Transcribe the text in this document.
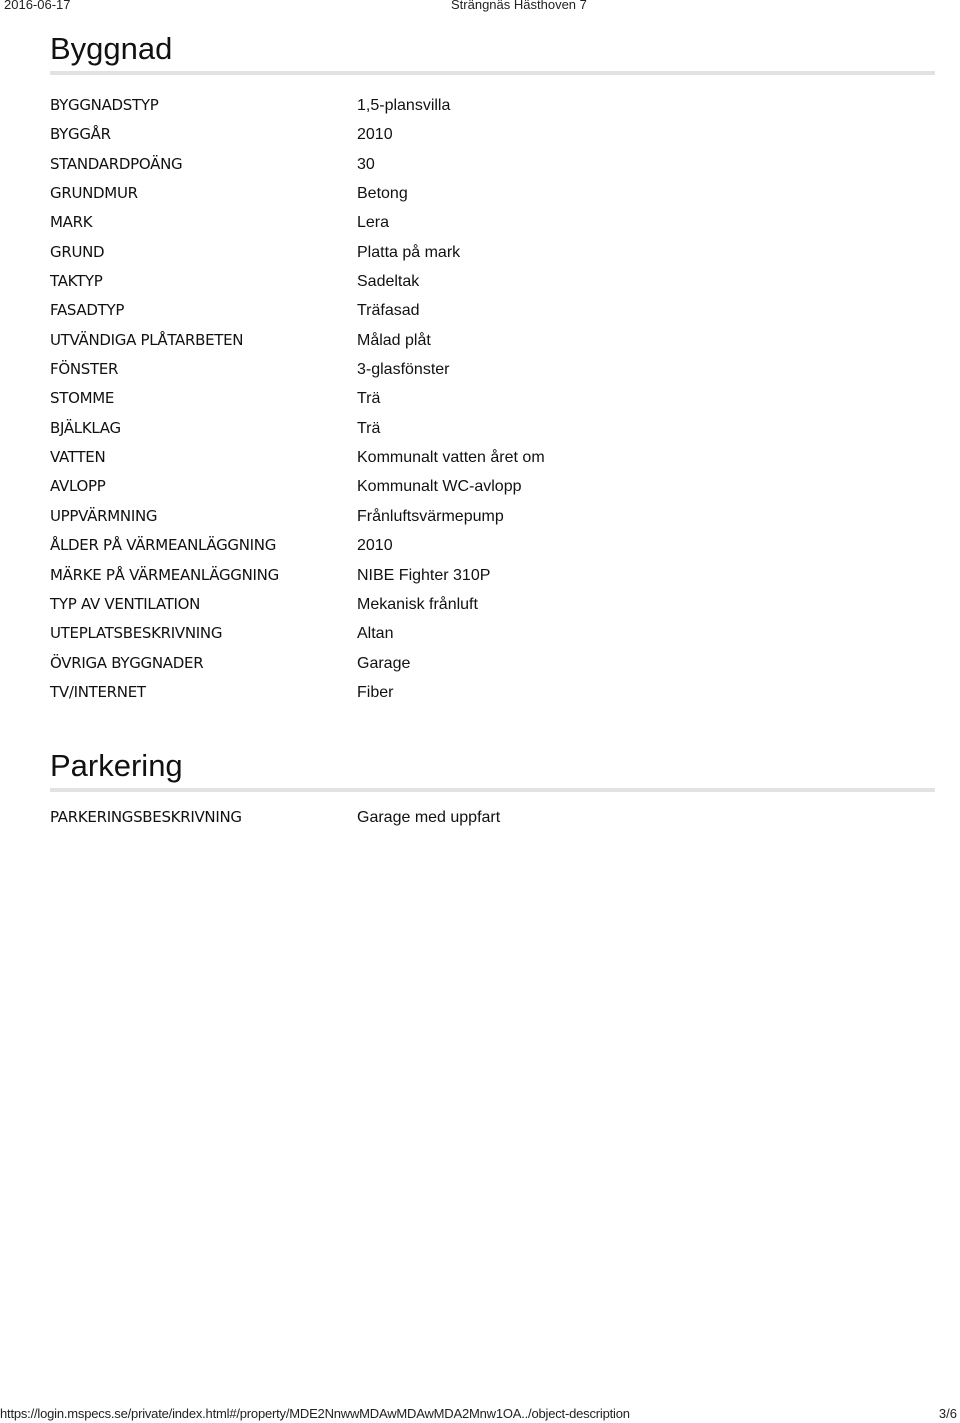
2016-06-17	Strängnäs Hästhoven 7
Byggnad
BYGGNADSTYP	1,5-plansvilla
BYGGÅR	2010
STANDARDPOÄNG	30
GRUNDMUR	Betong
MARK	Lera
GRUND	Platta på mark
TAKTYP	Sadeltak
FASADTYP	Träfasad
UTVÄNDIGA PLÅTARBETEN	Målad plåt
FÖNSTER	3-glasfönster
STOMME	Trä
BJÄLKLAG	Trä
VATTEN	Kommunalt vatten året om
AVLOPP	Kommunalt WC-avlopp
UPPVÄRMNING	Frånluftsvärmepump
ÅLDER PÅ VÄRMEANLÄGGNING	2010
MÄRKE PÅ VÄRMEANLÄGGNING	NIBE Fighter 310P
TYP AV VENTILATION	Mekanisk frånluft
UTEPLATSBESKRIVNING	Altan
ÖVRIGA BYGGNADER	Garage
TV/INTERNET	Fiber
Parkering
PARKERINGSBESKRIVNING	Garage med uppfart
https://login.mspecs.se/private/index.html#/property/MDE2NnwwMDAwMDAwMDA2Mnw1OA../object-description	3/6
